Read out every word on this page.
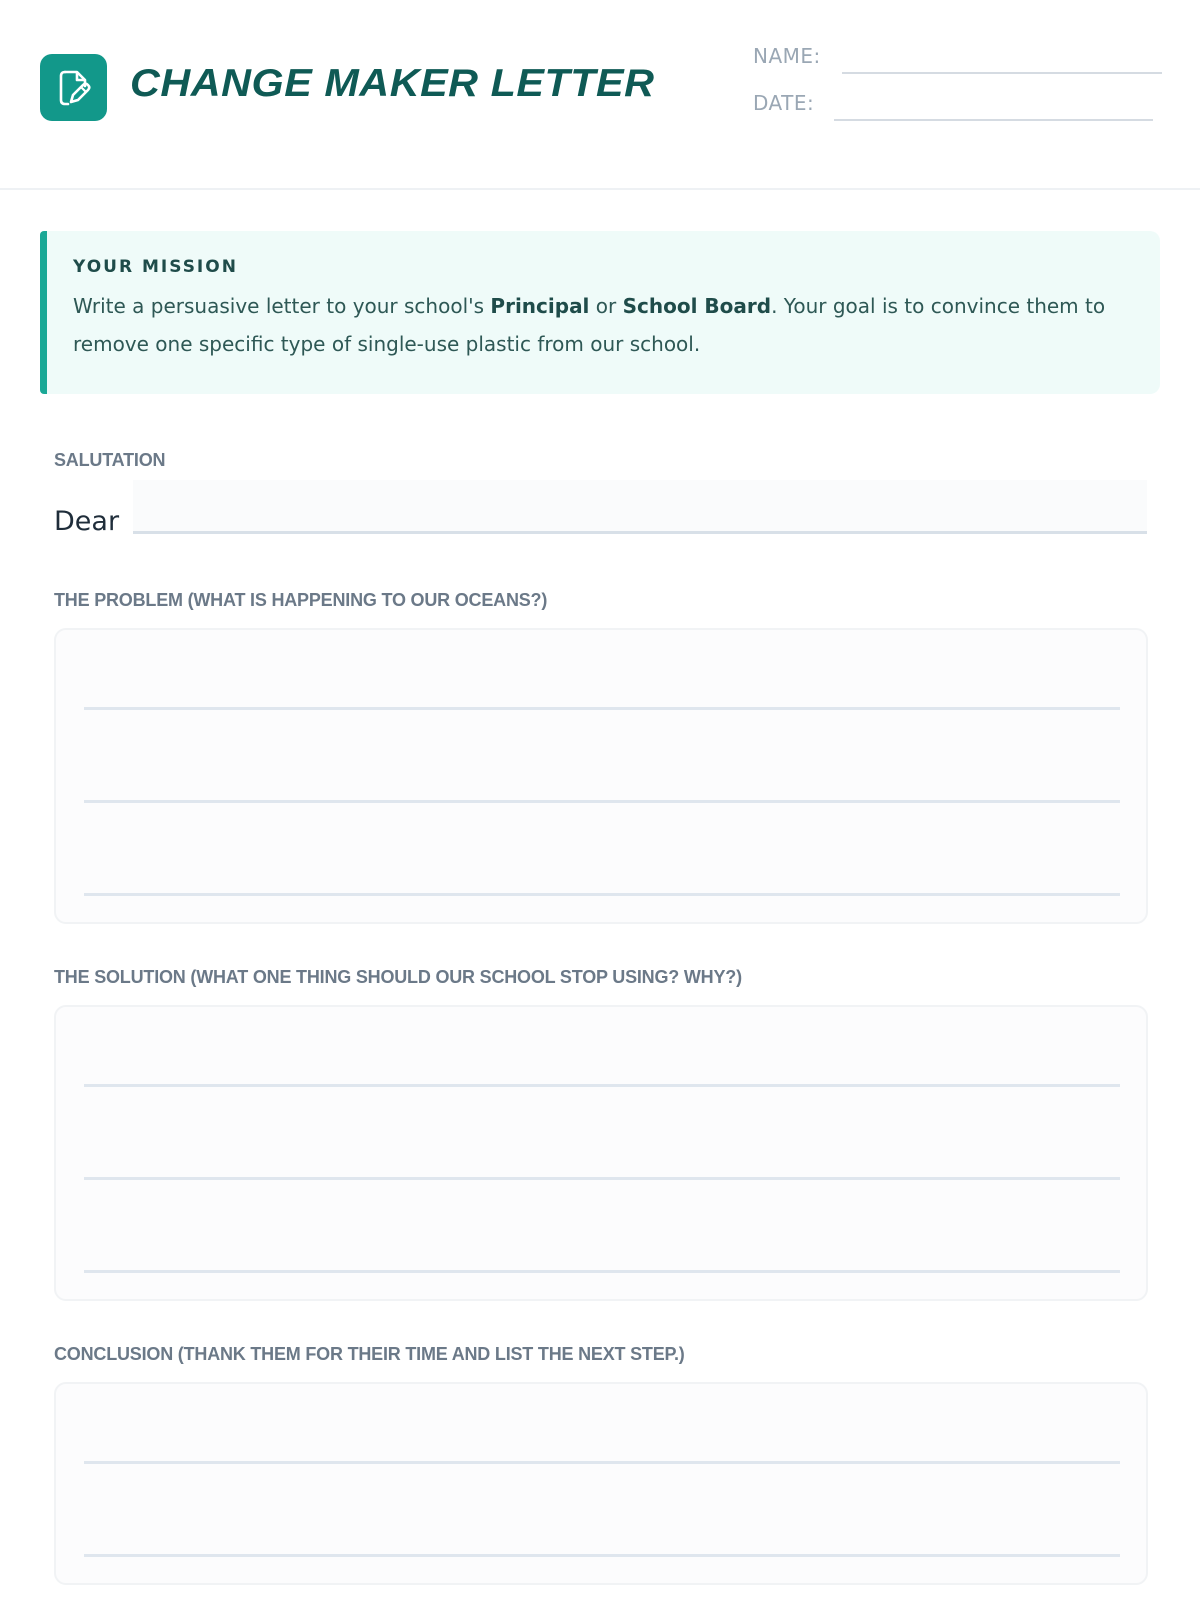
CHANGE MAKER LETTER
NAME:
DATE:
YOUR MISSION

Write a persuasive letter to your school's Principal or School Board. Your goal is to convince them to remove one specific type of single-use plastic from our school.

SALUTATION
Dear
THE PROBLEM (WHAT IS HAPPENING TO OUR OCEANS?)
THE SOLUTION (WHAT ONE THING SHOULD OUR SCHOOL STOP USING? WHY?)
CONCLUSION (THANK THEM FOR THEIR TIME AND LIST THE NEXT STEP.)
